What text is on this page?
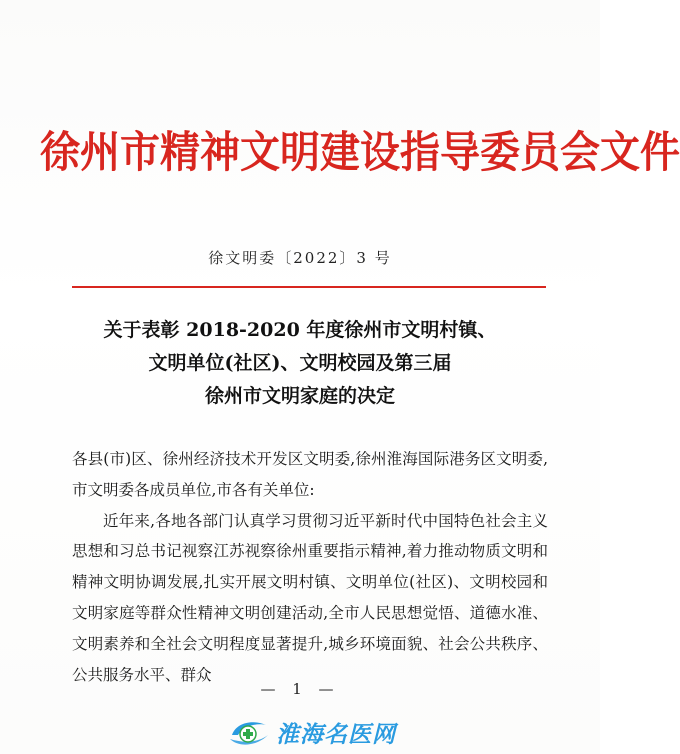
徐州市精神文明建设指导委员会文件
徐文明委〔2022〕3 号
关于表彰 2018-2020 年度徐州市文明村镇、
文明单位(社区)、文明校园及第三届
徐州市文明家庭的决定

各县(市)区、徐州经济技术开发区文明委,徐州淮海国际港务区文明委,市文明委各成员单位,市各有关单位:

近年来,各地各部门认真学习贯彻习近平新时代中国特色社会主义思想和习总书记视察江苏视察徐州重要指示精神,着力推动物质文明和精神文明协调发展,扎实开展文明村镇、文明单位(社区)、文明校园和文明家庭等群众性精神文明创建活动,全市人民思想觉悟、道德水准、文明素养和全社会文明程度显著提升,城乡环境面貌、社会公共秩序、公共服务水平、群众

— 1 —
淮海名医网
